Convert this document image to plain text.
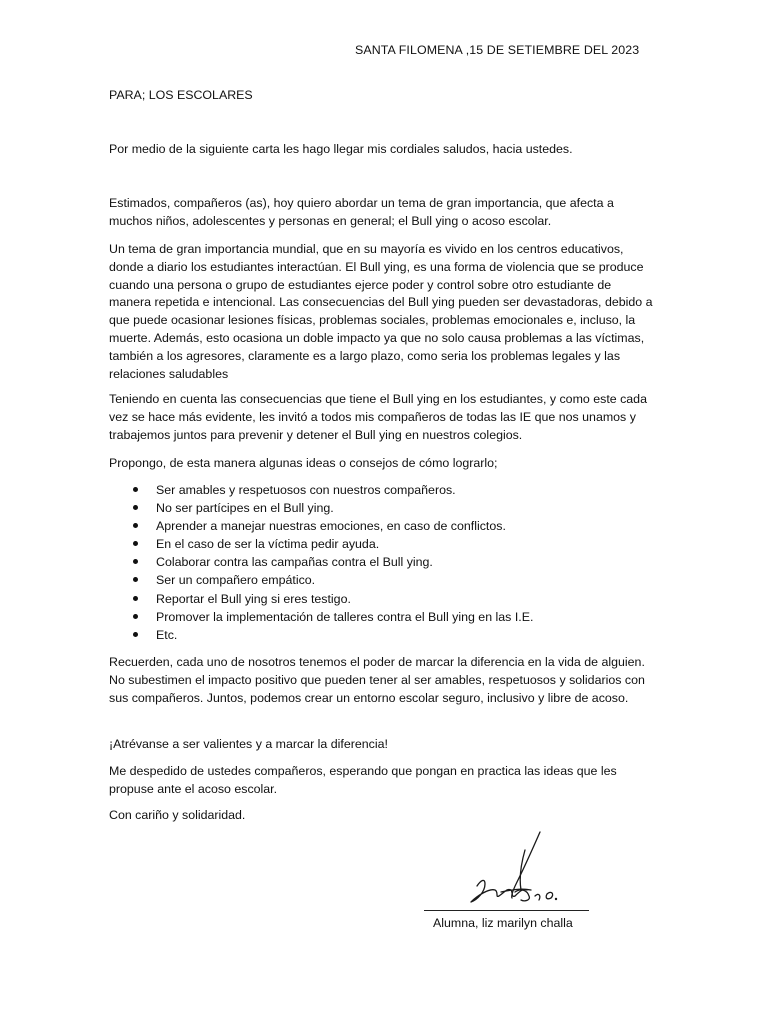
SANTA FILOMENA ,15 DE SETIEMBRE DEL 2023
PARA; LOS ESCOLARES

Por medio de la siguiente carta les hago llegar mis cordiales saludos, hacia ustedes.

Estimados, compañeros (as), hoy quiero abordar un tema de gran importancia, que afecta a muchos niños, adolescentes y personas en general; el Bull ying o acoso escolar.

Un tema de gran importancia mundial, que en su mayoría es vivido en los centros educativos, donde a diario los estudiantes interactúan. El Bull ying, es una forma de violencia que se produce cuando una persona o grupo de estudiantes ejerce poder y control sobre otro estudiante de manera repetida e intencional. Las consecuencias del Bull ying pueden ser devastadoras, debido a que puede ocasionar lesiones físicas, problemas sociales, problemas emocionales e, incluso, la muerte. Además, esto ocasiona un doble impacto ya que no solo causa problemas a las víctimas, también a los agresores, claramente es a largo plazo, como seria los problemas legales y las relaciones saludables

Teniendo en cuenta las consecuencias que tiene el Bull ying en los estudiantes, y como este cada vez se hace más evidente, les invitó a todos mis compañeros de todas las IE que nos unamos y trabajemos juntos para prevenir y detener el Bull ying en nuestros colegios.

Propongo, de esta manera algunas ideas o consejos de cómo lograrlo;

Ser amables y respetuosos con nuestros compañeros.
No ser partícipes en el Bull ying.
Aprender a manejar nuestras emociones, en caso de conflictos.
En el caso de ser la víctima pedir ayuda.
Colaborar contra las campañas contra el Bull ying.
Ser un compañero empático.
Reportar el Bull ying si eres testigo.
Promover la implementación de talleres contra el Bull ying en las I.E.
Etc.

Recuerden, cada uno de nosotros tenemos el poder de marcar la diferencia en la vida de alguien. No subestimen el impacto positivo que pueden tener al ser amables, respetuosos y solidarios con sus compañeros. Juntos, podemos crear un entorno escolar seguro, inclusivo y libre de acoso.

¡Atrévanse a ser valientes y a marcar la diferencia!

Me despedido de ustedes compañeros, esperando que pongan en practica las ideas que les propuse ante el acoso escolar.

Con cariño y solidaridad.

Alumna, liz marilyn challa
